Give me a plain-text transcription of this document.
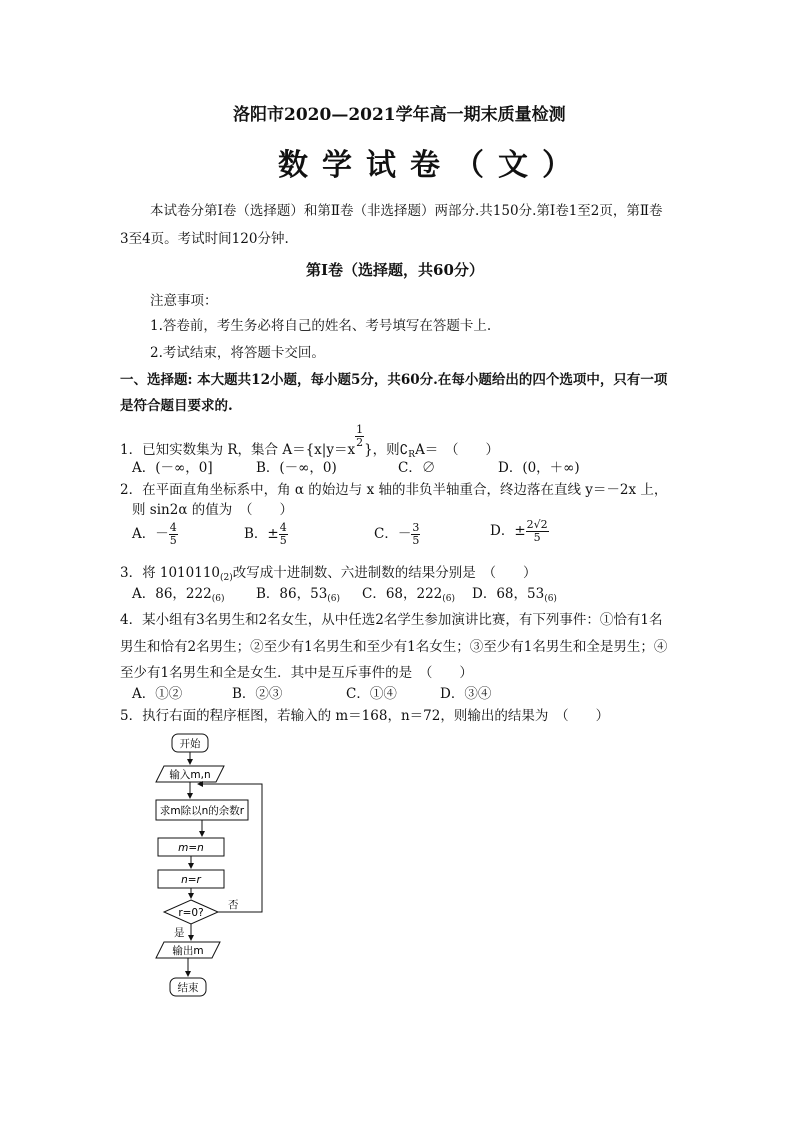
洛阳市2020—2021学年高一期末质量检测
数学试卷（文）
本试卷分第Ⅰ卷（选择题）和第Ⅱ卷（非选择题）两部分.共150分.第Ⅰ卷1至2页，第Ⅱ卷
3至4页。考试时间120分钟.
第Ⅰ卷（选择题，共60分）
注意事项：
1.答卷前，考生务必将自己的姓名、考号填写在答题卡上.
2.考试结束，将答题卡交回。
一、选择题: 本大题共12小题，每小题5分，共60分.在每小题给出的四个选项中，只有一项
是符合题目要求的.
1．已知实数集为 R，集合 A＝{x|y＝x
$\frac{1}{2}$
}，则$∁_RA=$　（　　）
A．(－∞，0]	B．(－∞，0)	C．∅	D．(0，＋∞)
2．在平面直角坐标系中，角 α 的始边与 x 轴的非负半轴重合，终边落在直线 y＝－2x 上，
则 sin2α 的值为　（　　）
A．－ $\frac{4}{5}$	B．± $\frac{4}{5}$	C．－ $\frac{3}{5}$	D．± $\frac{2√2}{5}$
3．将 $1010110_{(2)}$改写成十进制数、六进制数的结果分别是　（　　）
A．86，$222_{(6)}$ B．86，$53_{(6)}$ C．68，$222_{(6)}$ D．68，$53_{(6)}$
4．某小组有3名男生和2名女生，从中任选2名学生参加演讲比赛，有下列事件：①恰有1名
男生和恰有2名男生；②至少有1名男生和至少有1名女生；③至少有1名男生和全是男生；④
至少有1名男生和全是女生．其中是互斥事件的是　（　　）
A．①②	B．②③	C．①④	D．③④
5．执行右面的程序框图，若输入的 m＝168，n＝72，则输出的结果为　（　　）
开始
输入m,n
求m除以n的余数r
m=n
n=r
r=0?
否
是
输出m
结束
